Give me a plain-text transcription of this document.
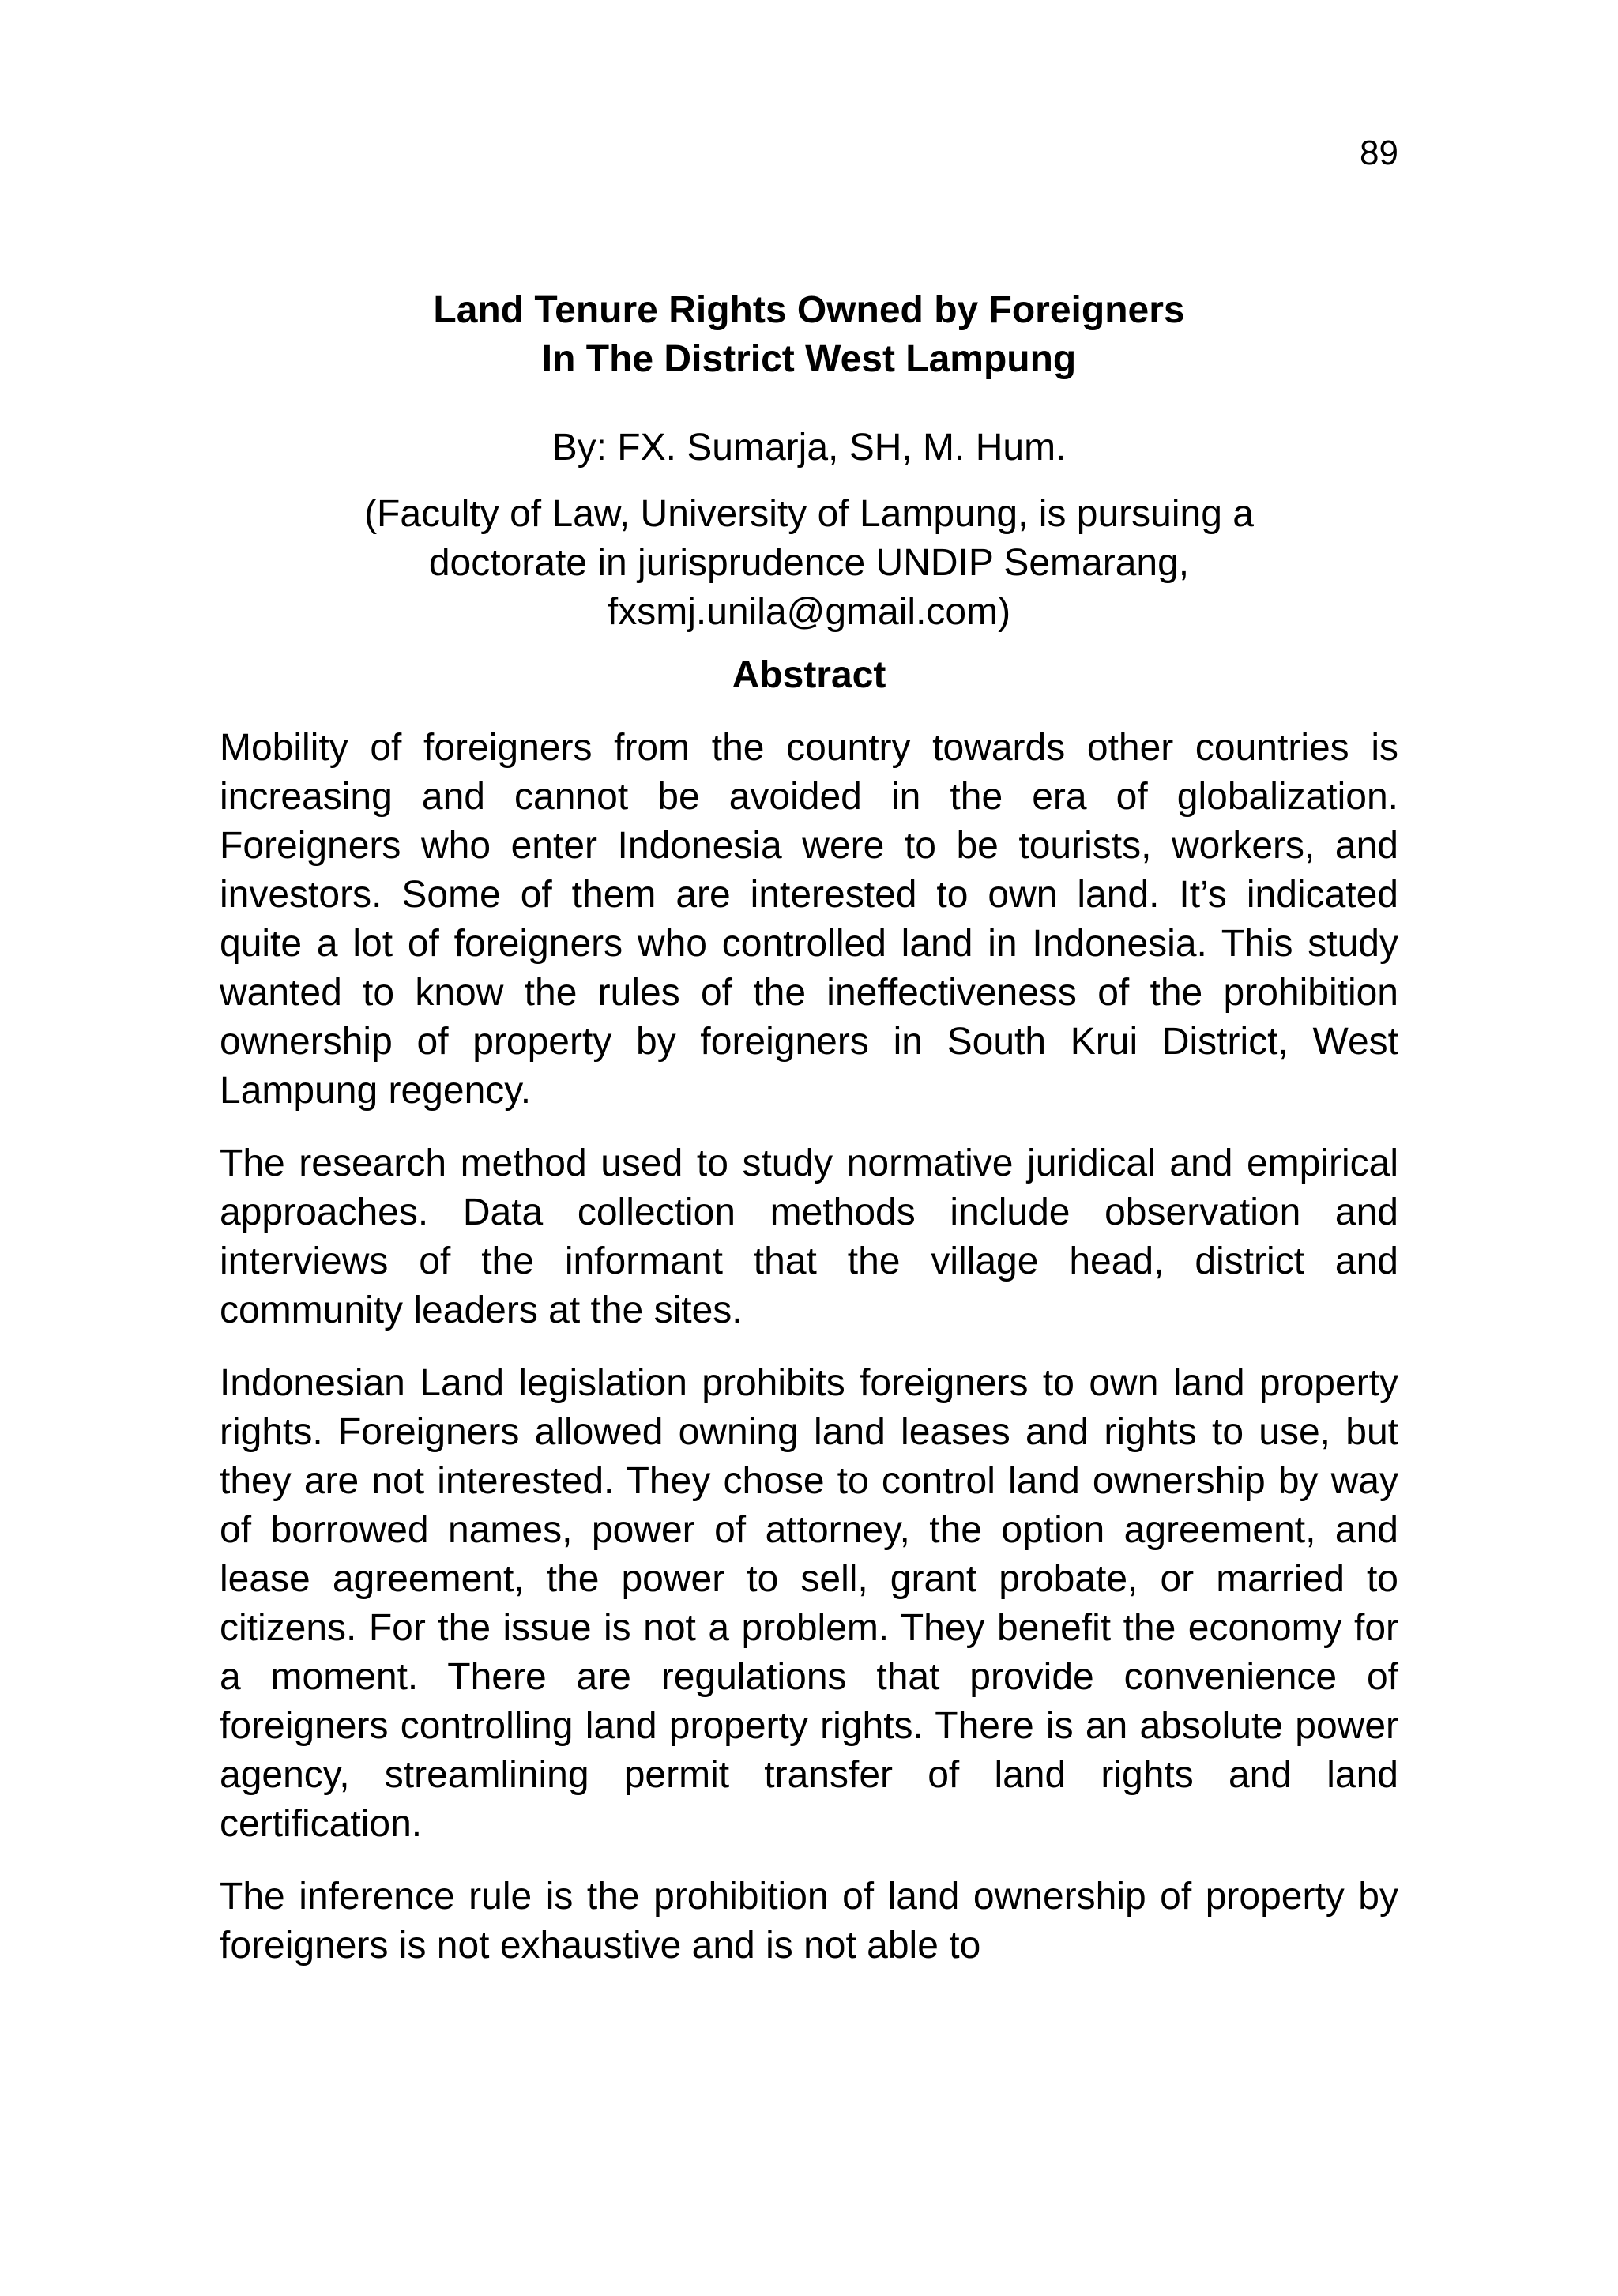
89
Land Tenure Rights Owned by Foreigners
In The District West Lampung

By: FX. Sumarja, SH, M. Hum.

(Faculty of Law, University of Lampung, is pursuing a
doctorate in jurisprudence UNDIP Semarang,
fxsmj.unila@gmail.com)

Abstract

Mobility of foreigners from the country towards other countries is increasing and cannot be avoided in the era of globalization. Foreigners who enter Indonesia were to be tourists, workers, and investors. Some of them are interested to own land. It’s indicated quite a lot of foreigners who controlled land in Indonesia. This study wanted to know the rules of the ineffectiveness of the prohibition ownership of property by foreigners in South Krui District, West Lampung regency.

The research method used to study normative juridical and empirical approaches. Data collection methods include observation and interviews of the informant that the village head, district and community leaders at the sites.

Indonesian Land legislation prohibits foreigners to own land property rights. Foreigners allowed owning land leases and rights to use, but they are not interested. They chose to control land ownership by way of borrowed names, power of attorney, the option agreement, and lease agreement, the power to sell, grant probate, or married to citizens. For the issue is not a problem. They benefit the economy for a moment. There are regulations that provide convenience of foreigners controlling land property rights. There is an absolute power agency, streamlining permit transfer of land rights and land certification.

The inference rule is the prohibition of land ownership of property by foreigners is not exhaustive and is not able to
